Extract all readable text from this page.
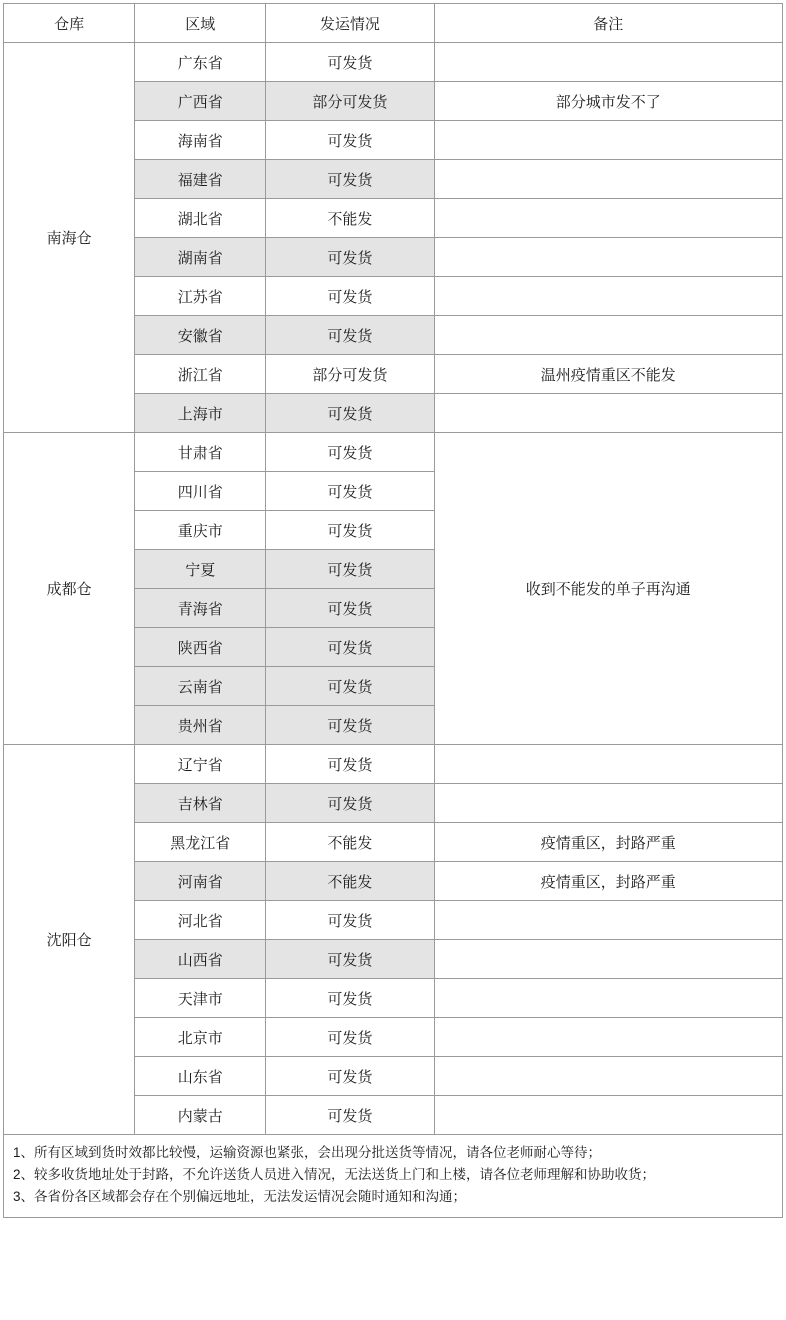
仓库	区域	发运情况	备注
南海仓	广东省	可发货	
	广西省	部分可发货	部分城市发不了
	海南省	可发货	
	福建省	可发货	
	湖北省	不能发	
	湖南省	可发货	
	江苏省	可发货	
	安徽省	可发货	
	浙江省	部分可发货	温州疫情重区不能发
	上海市	可发货	
成都仓	甘肃省	可发货	收到不能发的单子再沟通
	四川省	可发货	
	重庆市	可发货	
	宁夏	可发货	
	青海省	可发货	
	陕西省	可发货	
	云南省	可发货	
	贵州省	可发货	
沈阳仓	辽宁省	可发货	
	吉林省	可发货	
	黑龙江省	不能发	疫情重区，封路严重
	河南省	不能发	疫情重区，封路严重
	河北省	可发货	
	山西省	可发货	
	天津市	可发货	
	北京市	可发货	
	山东省	可发货	
	内蒙古	可发货	

1、所有区域到货时效都比较慢，运输资源也紧张，会出现分批送货等情况，请各位老师耐心等待；

2、较多收货地址处于封路，不允许送货人员进入情况，无法送货上门和上楼，请各位老师理解和协助收货；

3、各省份各区域都会存在个别偏远地址，无法发运情况会随时通知和沟通；
